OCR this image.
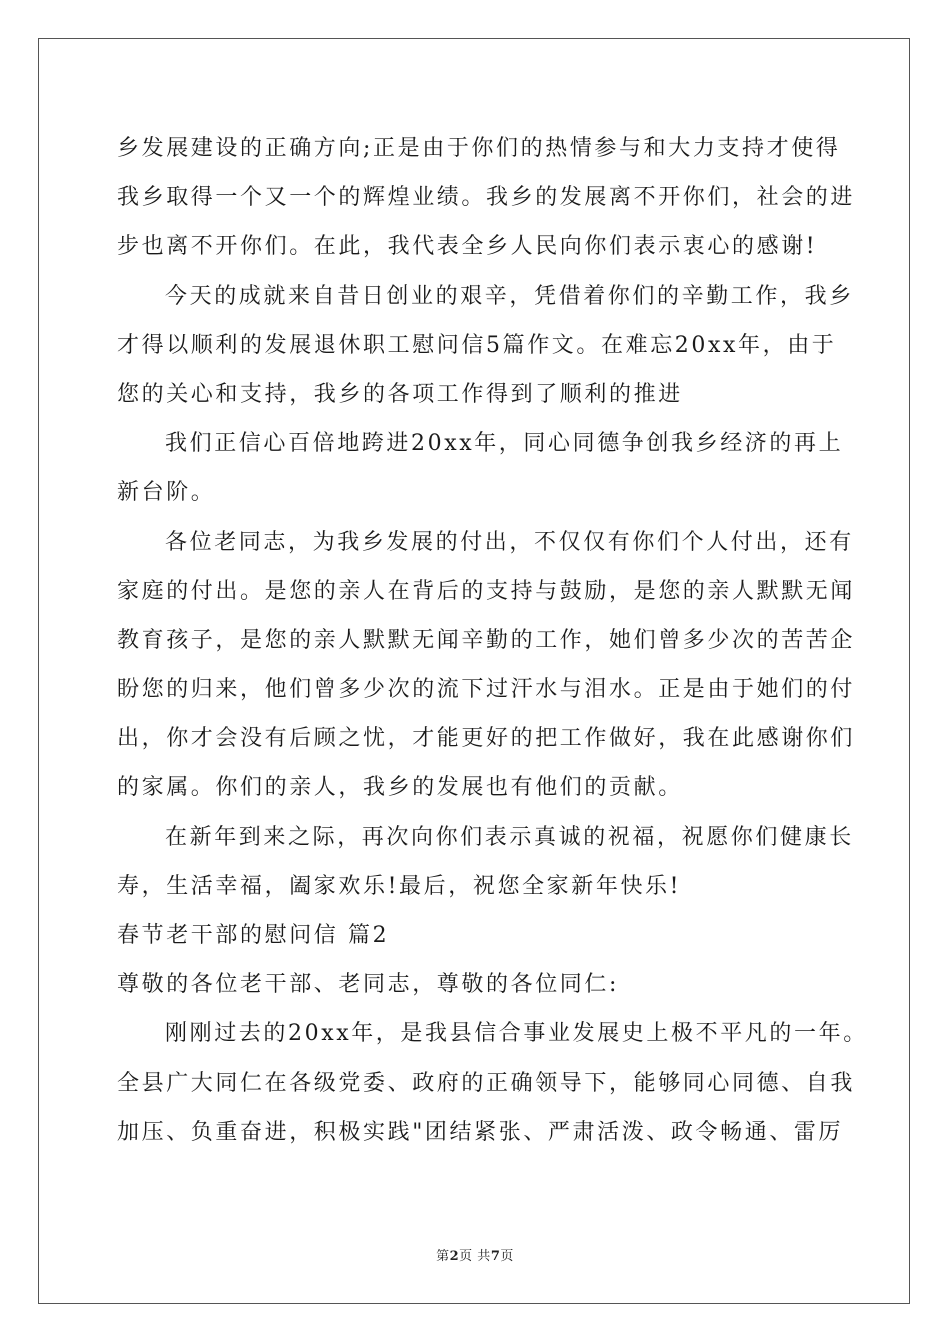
乡发展建设的正确方向;正是由于你们的热情参与和大力支持才使得
我乡取得一个又一个的辉煌业绩。我乡的发展离不开你们，社会的进
步也离不开你们。在此，我代表全乡人民向你们表示衷心的感谢!
今天的成就来自昔日创业的艰辛，凭借着你们的辛勤工作，我乡
才得以顺利的发展退休职工慰问信5篇作文。在难忘20xx年，由于
您的关心和支持，我乡的各项工作得到了顺利的推进
我们正信心百倍地跨进20xx年，同心同德争创我乡经济的再上
新台阶。
各位老同志，为我乡发展的付出，不仅仅有你们个人付出，还有
家庭的付出。是您的亲人在背后的支持与鼓励，是您的亲人默默无闻
教育孩子，是您的亲人默默无闻辛勤的工作，她们曾多少次的苦苦企
盼您的归来，他们曾多少次的流下过汗水与泪水。正是由于她们的付
出，你才会没有后顾之忧，才能更好的把工作做好，我在此感谢你们
的家属。你们的亲人，我乡的发展也有他们的贡献。
在新年到来之际，再次向你们表示真诚的祝福，祝愿你们健康长
寿，生活幸福，阖家欢乐!最后，祝您全家新年快乐!
春节老干部的慰问信 篇2
尊敬的各位老干部、老同志，尊敬的各位同仁:
刚刚过去的20xx年，是我县信合事业发展史上极不平凡的一年。
全县广大同仁在各级党委、政府的正确领导下，能够同心同德、自我
加压、负重奋进，积极实践"团结紧张、严肃活泼、政令畅通、雷厉
第2页 共7页
